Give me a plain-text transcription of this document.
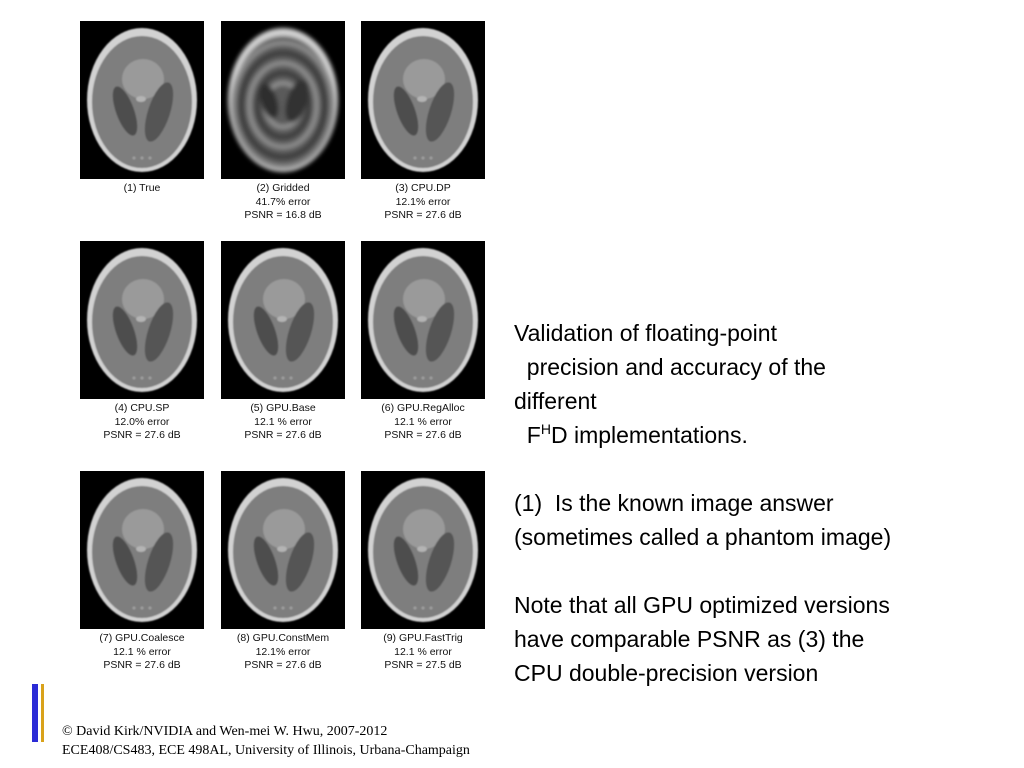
(1) True	(2) Gridded
41.7% error
PSNR = 16.8 dB
(3) CPU.DP
12.1% error
PSNR = 27.6 dB
(4) CPU.SP
12.0% error
PSNR = 27.6 dB
(5) GPU.Base
12.1 % error
PSNR = 27.6 dB
(6) GPU.RegAlloc
12.1 % error
PSNR = 27.6 dB
(7) GPU.Coalesce
12.1 % error
PSNR = 27.6 dB
(8) GPU.ConstMem
12.1% error
PSNR = 27.6 dB
(9) GPU.FastTrig
12.1 % error
PSNR = 27.5 dB

Validation of floating-point

precision and accuracy of the

different

$F^HD$ implementations.

(1)  Is the known image answer

(sometimes called a phantom image)

Note that all GPU optimized versions

have comparable PSNR as (3) the

CPU double-precision version

© David Kirk/NVIDIA and Wen-mei W. Hwu, 2007-2012
ECE408/CS483, ECE 498AL, University of Illinois, Urbana-Champaign
